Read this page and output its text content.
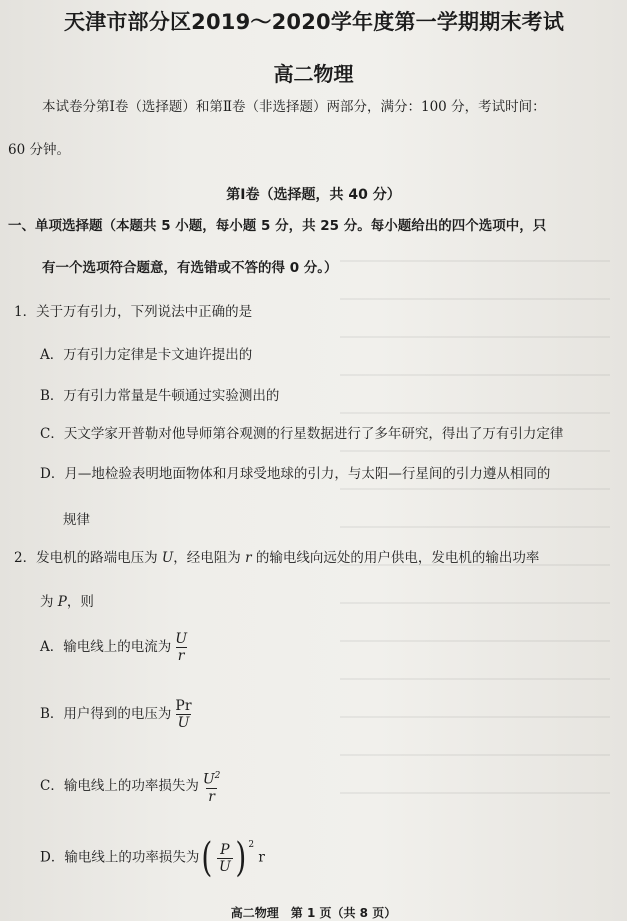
天津市部分区2019～2020学年度第一学期期末考试
高二物理
本试卷分第Ⅰ卷（选择题）和第Ⅱ卷（非选择题）两部分，满分：100 分，考试时间：
60 分钟。
第Ⅰ卷（选择题，共 40 分）
一、单项选择题（本题共 5 小题，每小题 5 分，共 25 分。每小题给出的四个选项中，只
有一个选项符合题意，有选错或不答的得 0 分。）
1．关于万有引力，下列说法中正确的是
A．万有引力定律是卡文迪许提出的
B．万有引力常量是牛顿通过实验测出的
C．天文学家开普勒对他导师第谷观测的行星数据进行了多年研究，得出了万有引力定律
D．月—地检验表明地面物体和月球受地球的引力，与太阳—行星间的引力遵从相同的
规律
2．发电机的路端电压为 U，经电阻为 r 的输电线向远处的用户供电，发电机的输出功率
为 P，则
A．输电线上的电流为 $\frac{U}{r}$
B．用户得到的电压为 $\frac{Pr}{U}$
C．输电线上的功率损失为 $\frac{U^2}{r}$
D．输电线上的功率损失为 ( $\frac{P}{U}$ ) $^2$
r
高二物理　第 1 页（共 8 页）
